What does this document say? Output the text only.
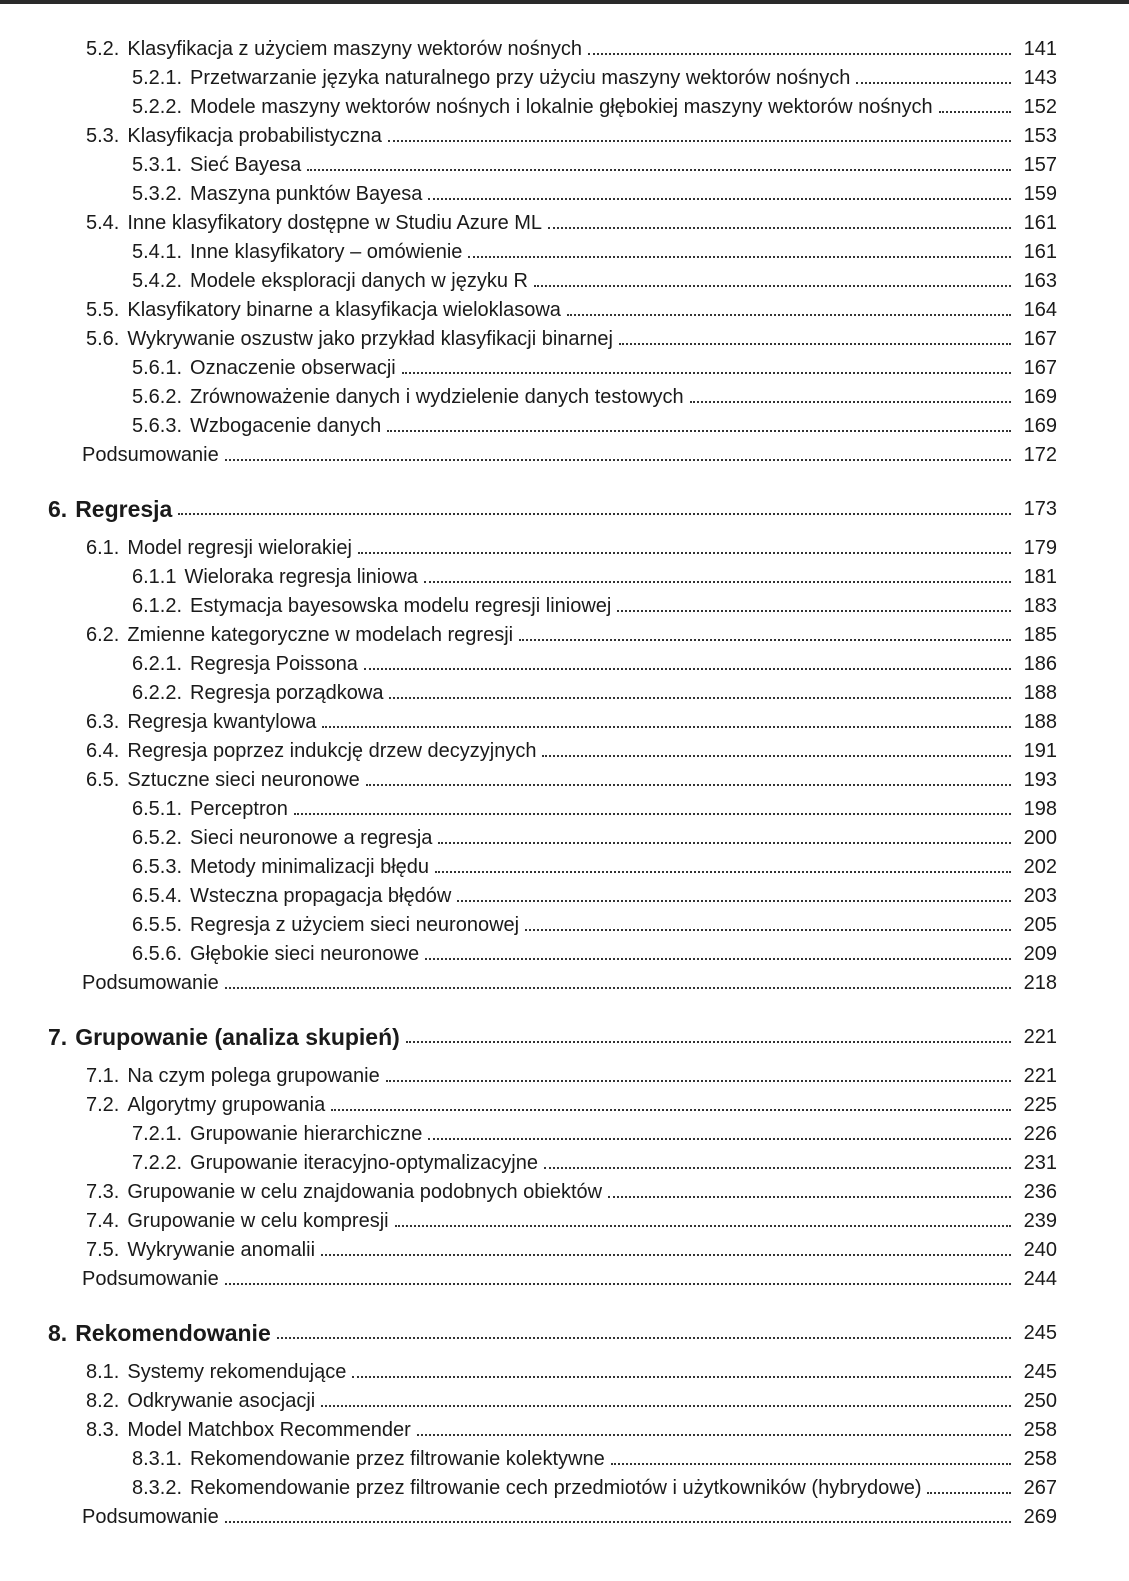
5.2. Klasyfikacja z użyciem maszyny wektorów nośnych	141
5.2.1. Przetwarzanie języka naturalnego przy użyciu maszyny wektorów nośnych	143
5.2.2. Modele maszyny wektorów nośnych i lokalnie głębokiej maszyny wektorów nośnych	152
5.3. Klasyfikacja probabilistyczna	153
5.3.1. Sieć Bayesa	157
5.3.2. Maszyna punktów Bayesa	159
5.4. Inne klasyfikatory dostępne w Studiu Azure ML	161
5.4.1. Inne klasyfikatory – omówienie	161
5.4.2. Modele eksploracji danych w języku R	163
5.5. Klasyfikatory binarne a klasyfikacja wieloklasowa	164
5.6. Wykrywanie oszustw jako przykład klasyfikacji binarnej	167
5.6.1. Oznaczenie obserwacji	167
5.6.2. Zrównoważenie danych i wydzielenie danych testowych	169
5.6.3. Wzbogacenie danych	169
Podsumowanie	172
6. Regresja	173
6.1. Model regresji wielorakiej	179
6.1.1 Wieloraka regresja liniowa	181
6.1.2. Estymacja bayesowska modelu regresji liniowej	183
6.2. Zmienne kategoryczne w modelach regresji	185
6.2.1. Regresja Poissona	186
6.2.2. Regresja porządkowa	188
6.3. Regresja kwantylowa	188
6.4. Regresja poprzez indukcję drzew decyzyjnych	191
6.5. Sztuczne sieci neuronowe	193
6.5.1. Perceptron	198
6.5.2. Sieci neuronowe a regresja	200
6.5.3. Metody minimalizacji błędu	202
6.5.4. Wsteczna propagacja błędów	203
6.5.5. Regresja z użyciem sieci neuronowej	205
6.5.6. Głębokie sieci neuronowe	209
Podsumowanie	218
7. Grupowanie (analiza skupień)	221
7.1. Na czym polega grupowanie	221
7.2. Algorytmy grupowania	225
7.2.1. Grupowanie hierarchiczne	226
7.2.2. Grupowanie iteracyjno-optymalizacyjne	231
7.3. Grupowanie w celu znajdowania podobnych obiektów	236
7.4. Grupowanie w celu kompresji	239
7.5. Wykrywanie anomalii	240
Podsumowanie	244
8. Rekomendowanie	245
8.1. Systemy rekomendujące	245
8.2. Odkrywanie asocjacji	250
8.3. Model Matchbox Recommender	258
8.3.1. Rekomendowanie przez filtrowanie kolektywne	258
8.3.2. Rekomendowanie przez filtrowanie cech przedmiotów i użytkowników (hybrydowe)	267
Podsumowanie	269
